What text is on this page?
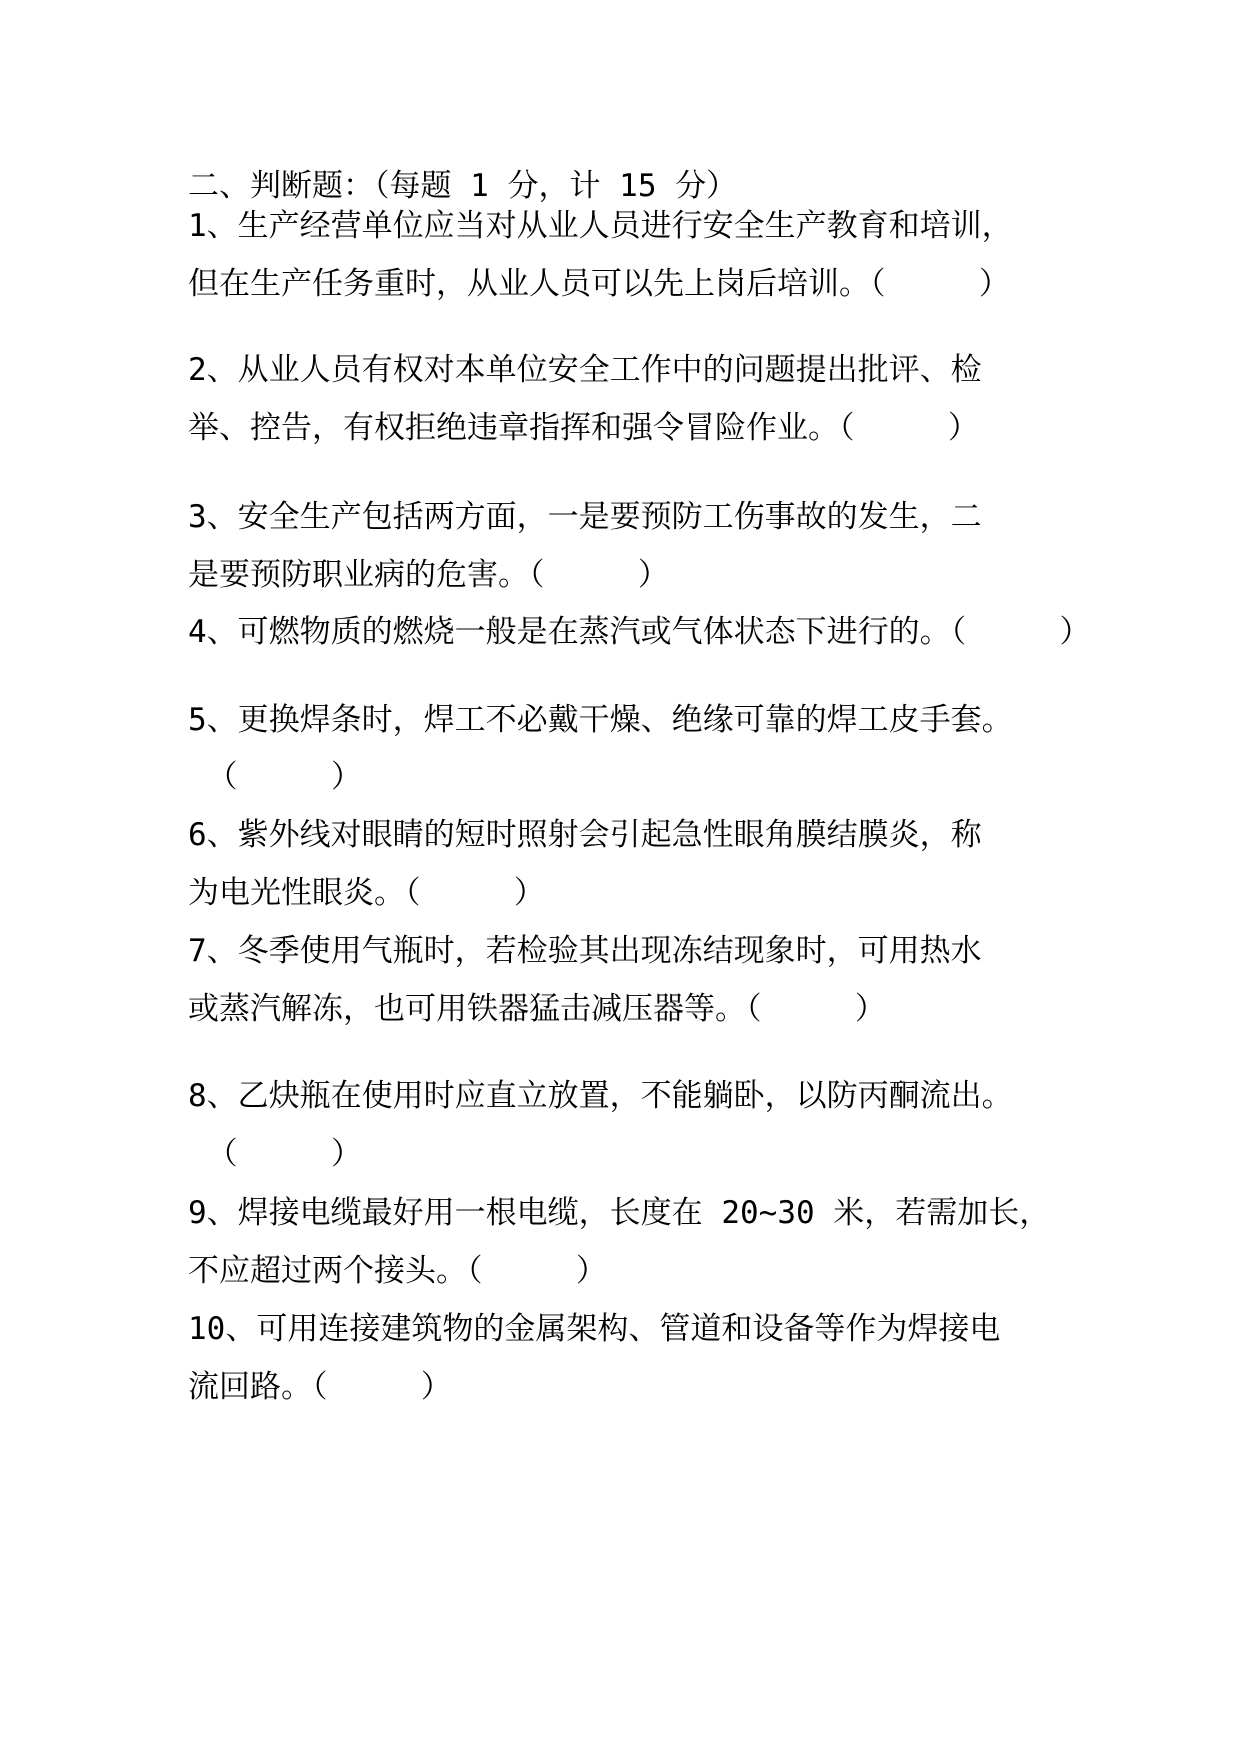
二、判断题：（每题 1 分，计 15 分）
1、生产经营单位应当对从业人员进行安全生产教育和培训，
但在生产任务重时，从业人员可以先上岗后培训。（     ）
2、从业人员有权对本单位安全工作中的问题提出批评、检
举、控告，有权拒绝违章指挥和强令冒险作业。（     ）
3、安全生产包括两方面，一是要预防工伤事故的发生，二
是要预防职业病的危害。（     ）
4、可燃物质的燃烧一般是在蒸汽或气体状态下进行的。（     ）
5、更换焊条时，焊工不必戴干燥、绝缘可靠的焊工皮手套。
（     ）
6、紫外线对眼睛的短时照射会引起急性眼角膜结膜炎，称
为电光性眼炎。（     ）
7、冬季使用气瓶时，若检验其出现冻结现象时，可用热水
或蒸汽解冻，也可用铁器猛击减压器等。（     ）
8、乙炔瓶在使用时应直立放置，不能躺卧，以防丙酮流出。
（     ）
9、焊接电缆最好用一根电缆，长度在 20~30 米，若需加长，
不应超过两个接头。（     ）
10、可用连接建筑物的金属架构、管道和设备等作为焊接电
流回路。（     ）
